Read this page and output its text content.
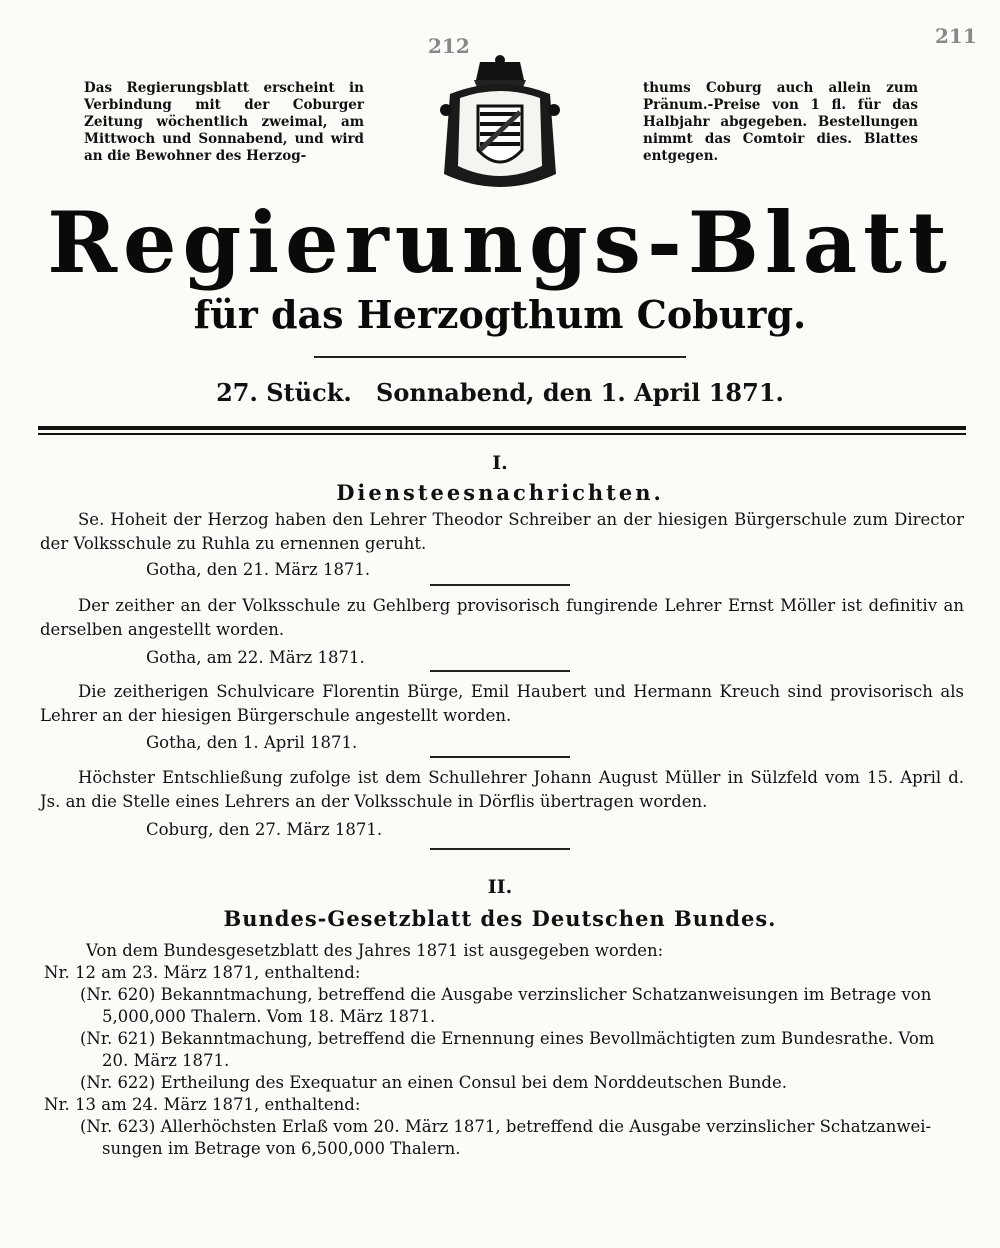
212	211
Das Regierungsblatt erscheint in Verbindung mit der Coburger Zeitung wöchentlich zweimal, am Mittwoch und Sonnabend, und wird an die Bewohner des Herzog-
thums Coburg auch allein zum Pränum.-Preise von 1 fl. für das Halbjahr abgegeben. Bestellungen nimmt das Comtoir dies. Blattes entgegen.
Regierungs-Blatt
für das Herzogthum Coburg.
27. Stück. Sonnabend, den 1. April 1871.
I.
Diensteesnachrichten.
Se. Hoheit der Herzog haben den Lehrer Theodor Schreiber an der hiesigen Bürgerschule zum Director der Volksschule zu Ruhla zu ernennen geruht.
Gotha, den 21. März 1871.
Der zeither an der Volksschule zu Gehlberg provisorisch fungirende Lehrer Ernst Möller ist definitiv an derselben angestellt worden.
Gotha, am 22. März 1871.
Die zeitherigen Schulvicare Florentin Bürge, Emil Haubert und Hermann Kreuch sind provisorisch als Lehrer an der hiesigen Bürgerschule angestellt worden.
Gotha, den 1. April 1871.
Höchster Entschließung zufolge ist dem Schullehrer Johann August Müller in Sülzfeld vom 15. April d. Js. an die Stelle eines Lehrers an der Volksschule in Dörflis übertragen worden.
Coburg, den 27. März 1871.
II.
Bundes-Gesetzblatt des Deutschen Bundes.
Von dem Bundesgesetzblatt des Jahres 1871 ist ausgegeben worden:
Nr. 12 am 23. März 1871, enthaltend:
(Nr. 620) Bekanntmachung, betreffend die Ausgabe verzinslicher Schatzanweisungen im Betrage von
5,000,000 Thalern. Vom 18. März 1871.
(Nr. 621) Bekanntmachung, betreffend die Ernennung eines Bevollmächtigten zum Bundesrathe. Vom
20. März 1871.
(Nr. 622) Ertheilung des Exequatur an einen Consul bei dem Norddeutschen Bunde.
Nr. 13 am 24. März 1871, enthaltend:
(Nr. 623) Allerhöchsten Erlaß vom 20. März 1871, betreffend die Ausgabe verzinslicher Schatzanwei-
sungen im Betrage von 6,500,000 Thalern.
